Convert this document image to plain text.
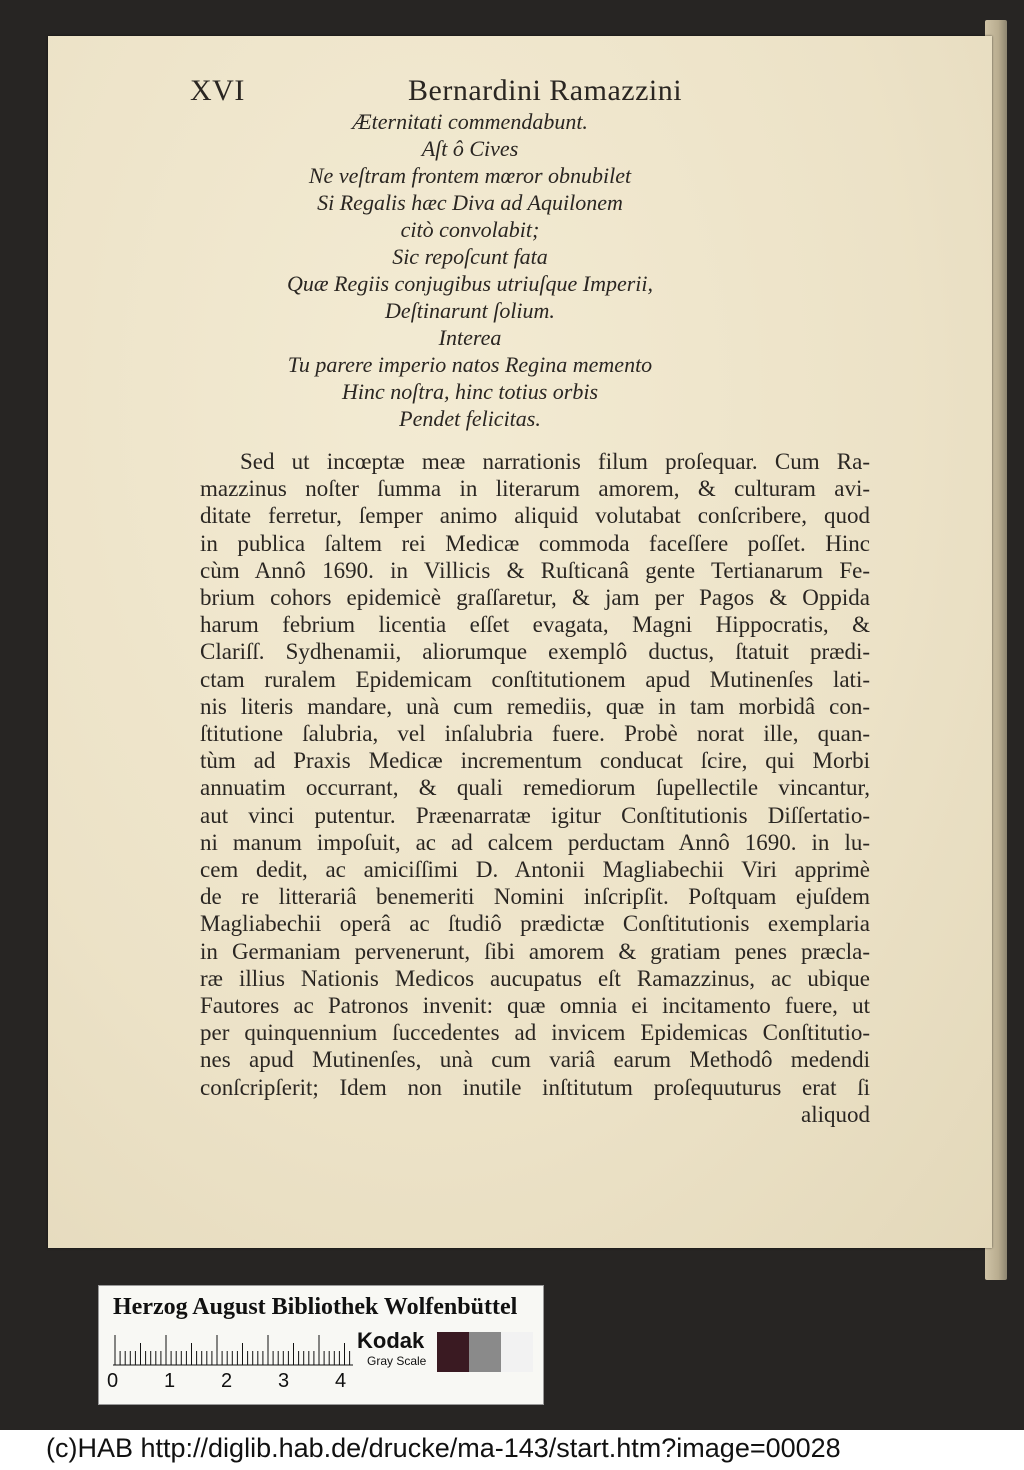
XVI	Bernardini Ramazzini
Æternitati commendabunt.
Aſt ô Cives
Ne veſtram frontem mœror obnubilet
Si Regalis hæc Diva ad Aquilonem
citò convolabit;
Sic repoſcunt fata
Quæ Regiis conjugibus utriuſque Imperii,
Deſtinarunt ſolium.
Interea
Tu parere imperio natos Regina memento
Hinc noſtra, hinc totius orbis
Pendet felicitas.
Sed ut incœptæ meæ narrationis filum proſequar. Cum Ra-
mazzinus noſter ſumma in literarum amorem, & culturam avi-
ditate ferretur, ſemper animo aliquid volutabat conſcribere, quod
in publica ſaltem rei Medicæ commoda faceſſere poſſet. Hinc
cùm Annô 1690. in Villicis & Ruſticanâ gente Tertianarum Fe-
brium cohors epidemicè graſſaretur, & jam per Pagos & Oppida
harum febrium licentia eſſet evagata, Magni Hippocratis, &
Clariſſ. Sydhenamii, aliorumque exemplô ductus, ſtatuit prædi-
ctam ruralem Epidemicam conſtitutionem apud Mutinenſes lati-
nis literis mandare, unà cum remediis, quæ in tam morbidâ con-
ſtitutione ſalubria, vel inſalubria fuere. Probè norat ille, quan-
tùm ad Praxis Medicæ incrementum conducat ſcire, qui Morbi
annuatim occurrant, & quali remediorum ſupellectile vincantur,
aut vinci putentur. Præenarratæ igitur Conſtitutionis Diſſertatio-
ni manum impoſuit, ac ad calcem perductam Annô 1690. in lu-
cem dedit, ac amiciſſimi D. Antonii Magliabechii Viri apprimè
de re litterariâ benemeriti Nomini inſcripſit. Poſtquam ejuſdem
Magliabechii operâ ac ſtudiô prædictæ Conſtitutionis exemplaria
in Germaniam pervenerunt, ſibi amorem & gratiam penes præcla-
ræ illius Nationis Medicos aucupatus eſt Ramazzinus, ac ubique
Fautores ac Patronos invenit: quæ omnia ei incitamento fuere, ut
per quinquennium ſuccedentes ad invicem Epidemicas Conſtitutio-
nes apud Mutinenſes, unà cum variâ earum Methodô medendi
conſcripſerit; Idem non inutile inſtitutum proſequuturus erat ſi
aliquod
Herzog August Bibliothek Wolfenbüttel
0 1 2 3 4
Kodak
Gray Scale
(c)HAB http://diglib.hab.de/drucke/ma-143/start.htm?image=00028
